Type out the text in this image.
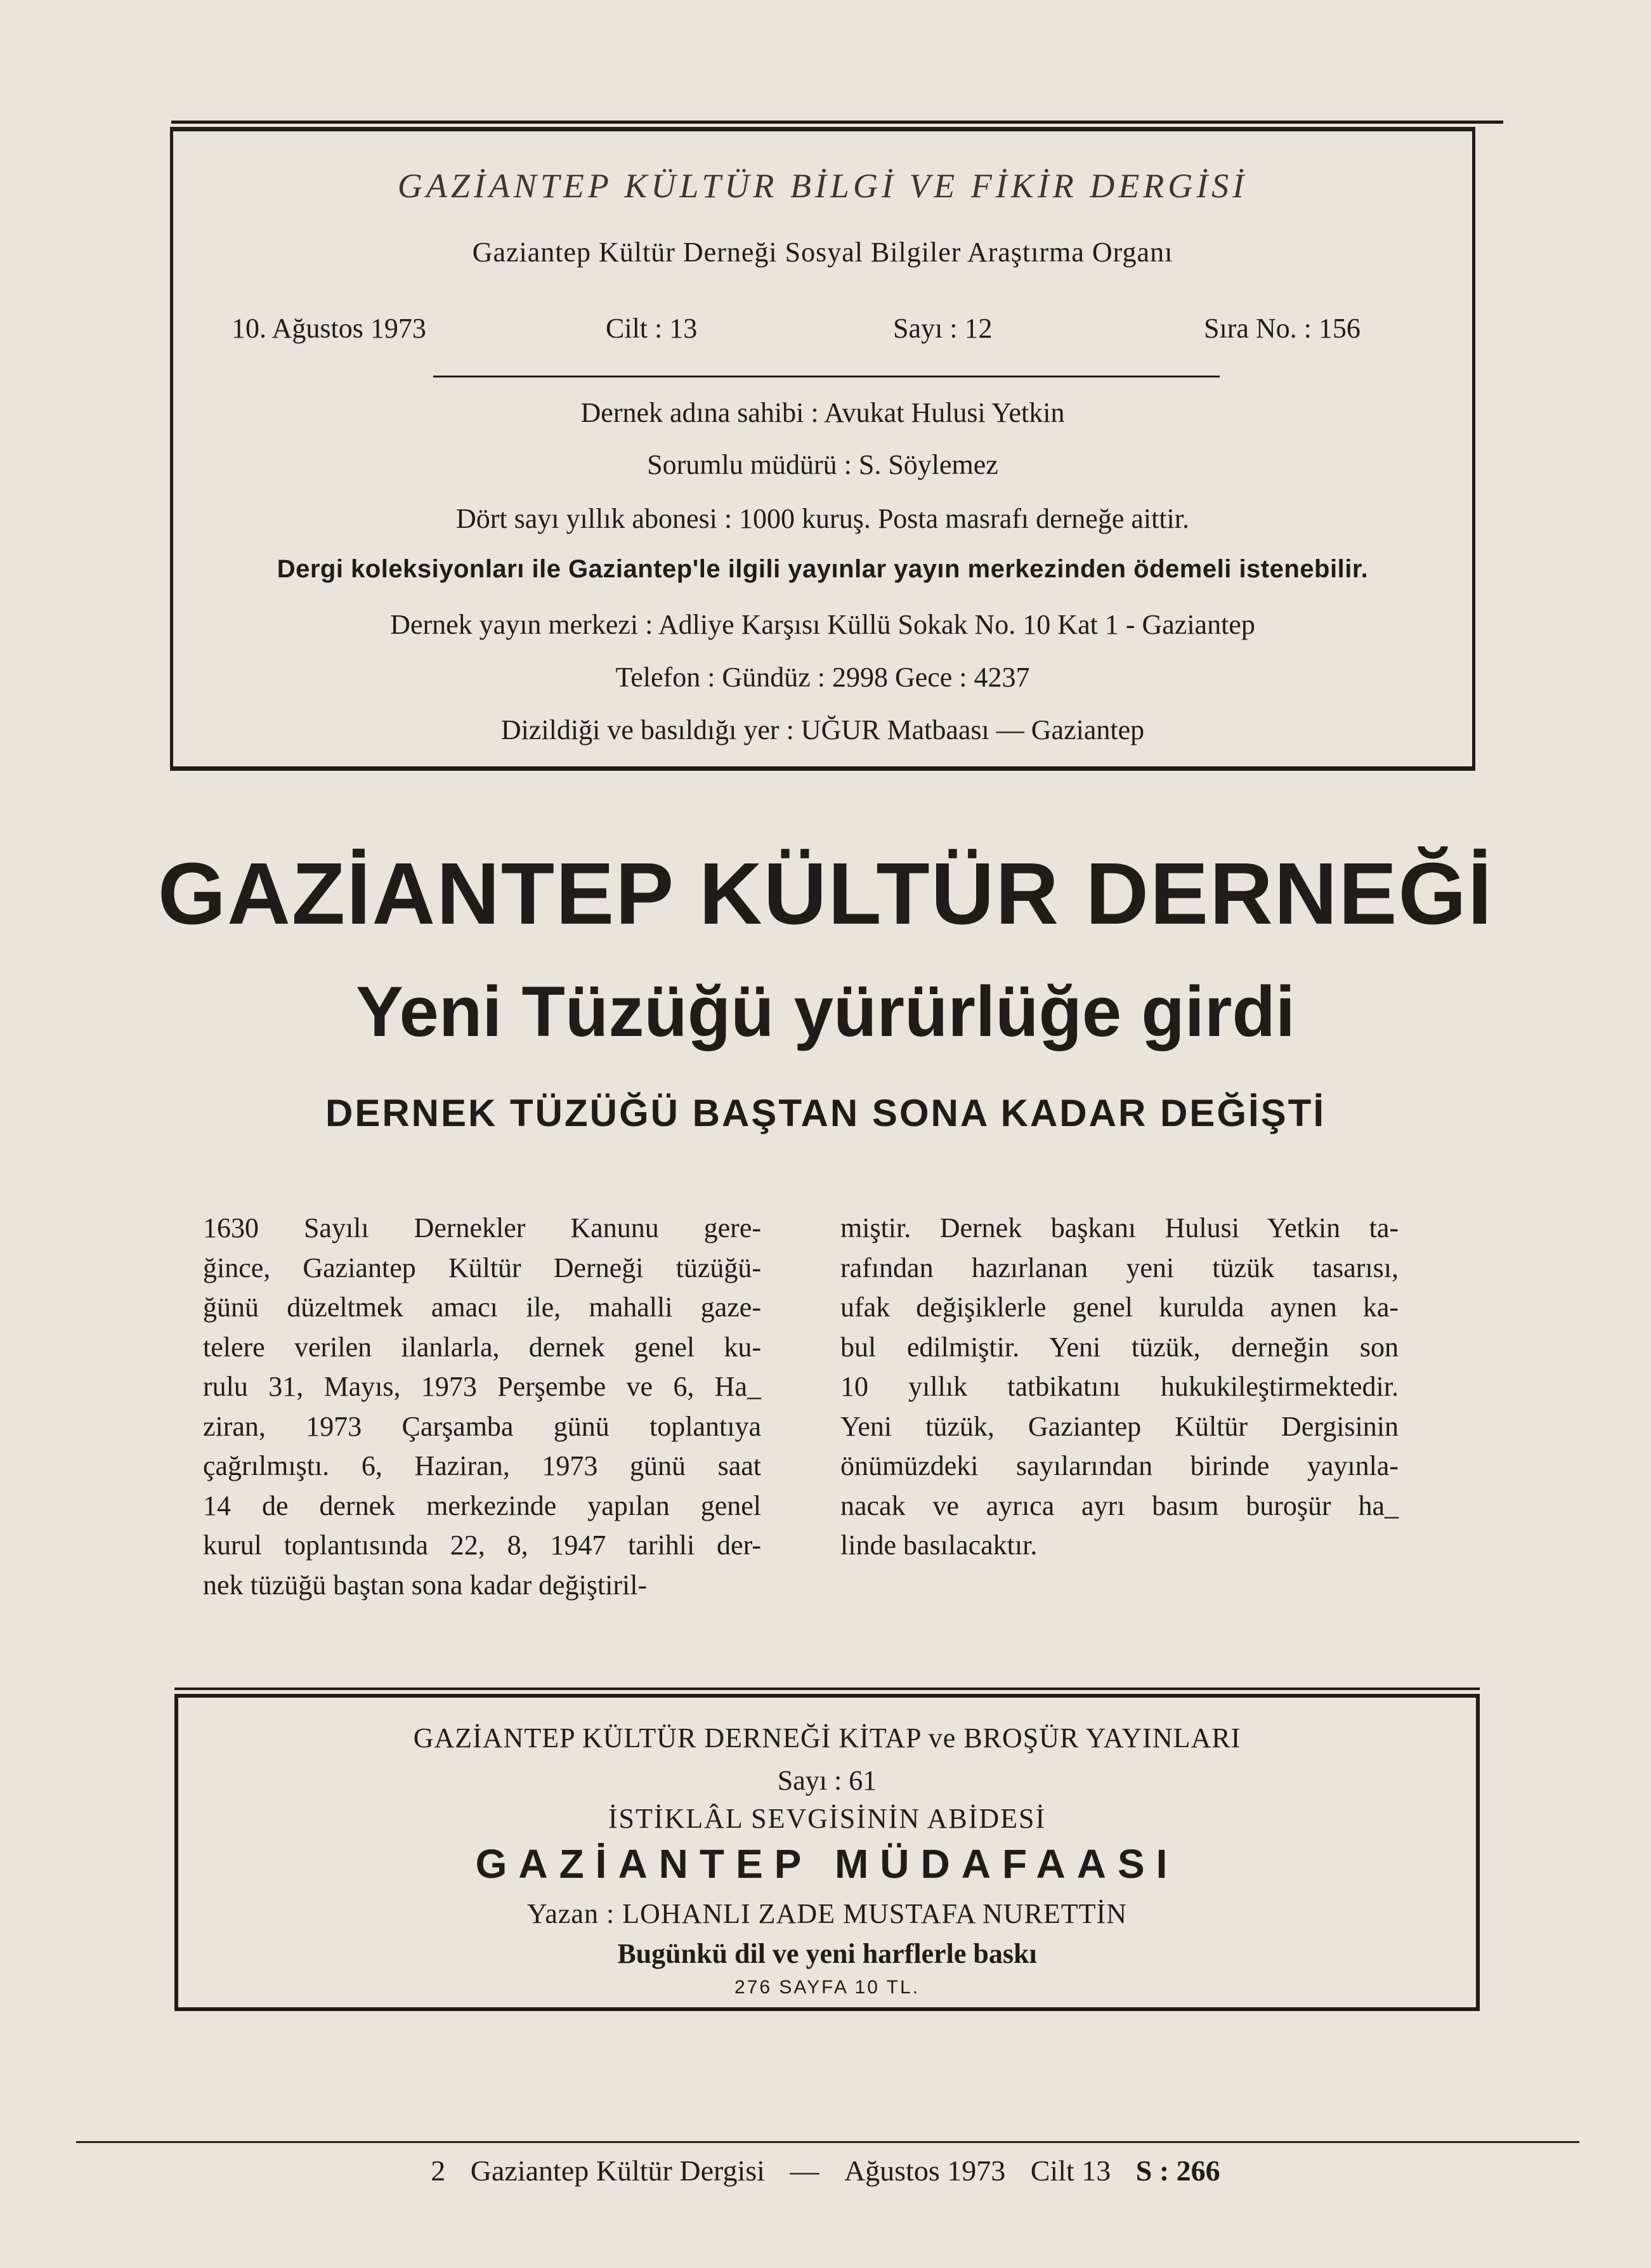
GAZİANTEP KÜLTÜR BİLGİ VE FİKİR DERGİSİ
Gaziantep Kültür Derneği Sosyal Bilgiler Araştırma Organı
10. Ağustos 1973	Cilt : 13	Sayı : 12	Sıra No. : 156
Dernek adına sahibi : Avukat Hulusi Yetkin
Sorumlu müdürü : S. Söylemez
Dört sayı yıllık abonesi : 1000 kuruş. Posta masrafı derneğe aittir.
Dergi koleksiyonları ile Gaziantep'le ilgili yayınlar yayın merkezinden ödemeli istenebilir.
Dernek yayın merkezi : Adliye Karşısı Küllü Sokak No. 10 Kat 1 - Gaziantep
Telefon : Gündüz : 2998 Gece : 4237
Dizildiği ve basıldığı yer : UĞUR Matbaası — Gaziantep
GAZİANTEP KÜLTÜR DERNEĞİ
Yeni Tüzüğü yürürlüğe girdi
DERNEK TÜZÜĞÜ BAŞTAN SONA KADAR DEĞİŞTİ
1630 Sayılı Dernekler Kanunu gere-
ğince, Gaziantep Kültür Derneği tüzüğü-
ğünü düzeltmek amacı ile, mahalli gaze-
telere verilen ilanlarla, dernek genel ku-
rulu 31, Mayıs, 1973 Perşembe ve 6, Ha_
ziran, 1973 Çarşamba günü toplantıya
çağrılmıştı. 6, Haziran, 1973 günü saat
14 de dernek merkezinde yapılan genel
kurul toplantısında 22, 8, 1947 tarihli der-
nek tüzüğü baştan sona kadar değiştiril-
miştir. Dernek başkanı Hulusi Yetkin ta-
rafından hazırlanan yeni tüzük tasarısı,
ufak değişiklerle genel kurulda aynen ka-
bul edilmiştir. Yeni tüzük, derneğin son
10 yıllık tatbikatını hukukileştirmektedir.
Yeni tüzük, Gaziantep Kültür Dergisinin
önümüzdeki sayılarından birinde yayınla-
nacak ve ayrıca ayrı basım buroşür ha_
linde basılacaktır.
GAZİANTEP KÜLTÜR DERNEĞİ KİTAP ve BROŞÜR YAYINLARI
Sayı : 61
İSTİKLÂL SEVGİSİNİN ABİDESİ
GAZİANTEP MÜDAFAASI
Yazan : LOHANLI ZADE MUSTAFA NURETTİN
Bugünkü dil ve yeni harflerle baskı
276 SAYFA 10 TL.
2 Gaziantep Kültür Dergisi — Ağustos 1973 Cilt 13 S : 266
